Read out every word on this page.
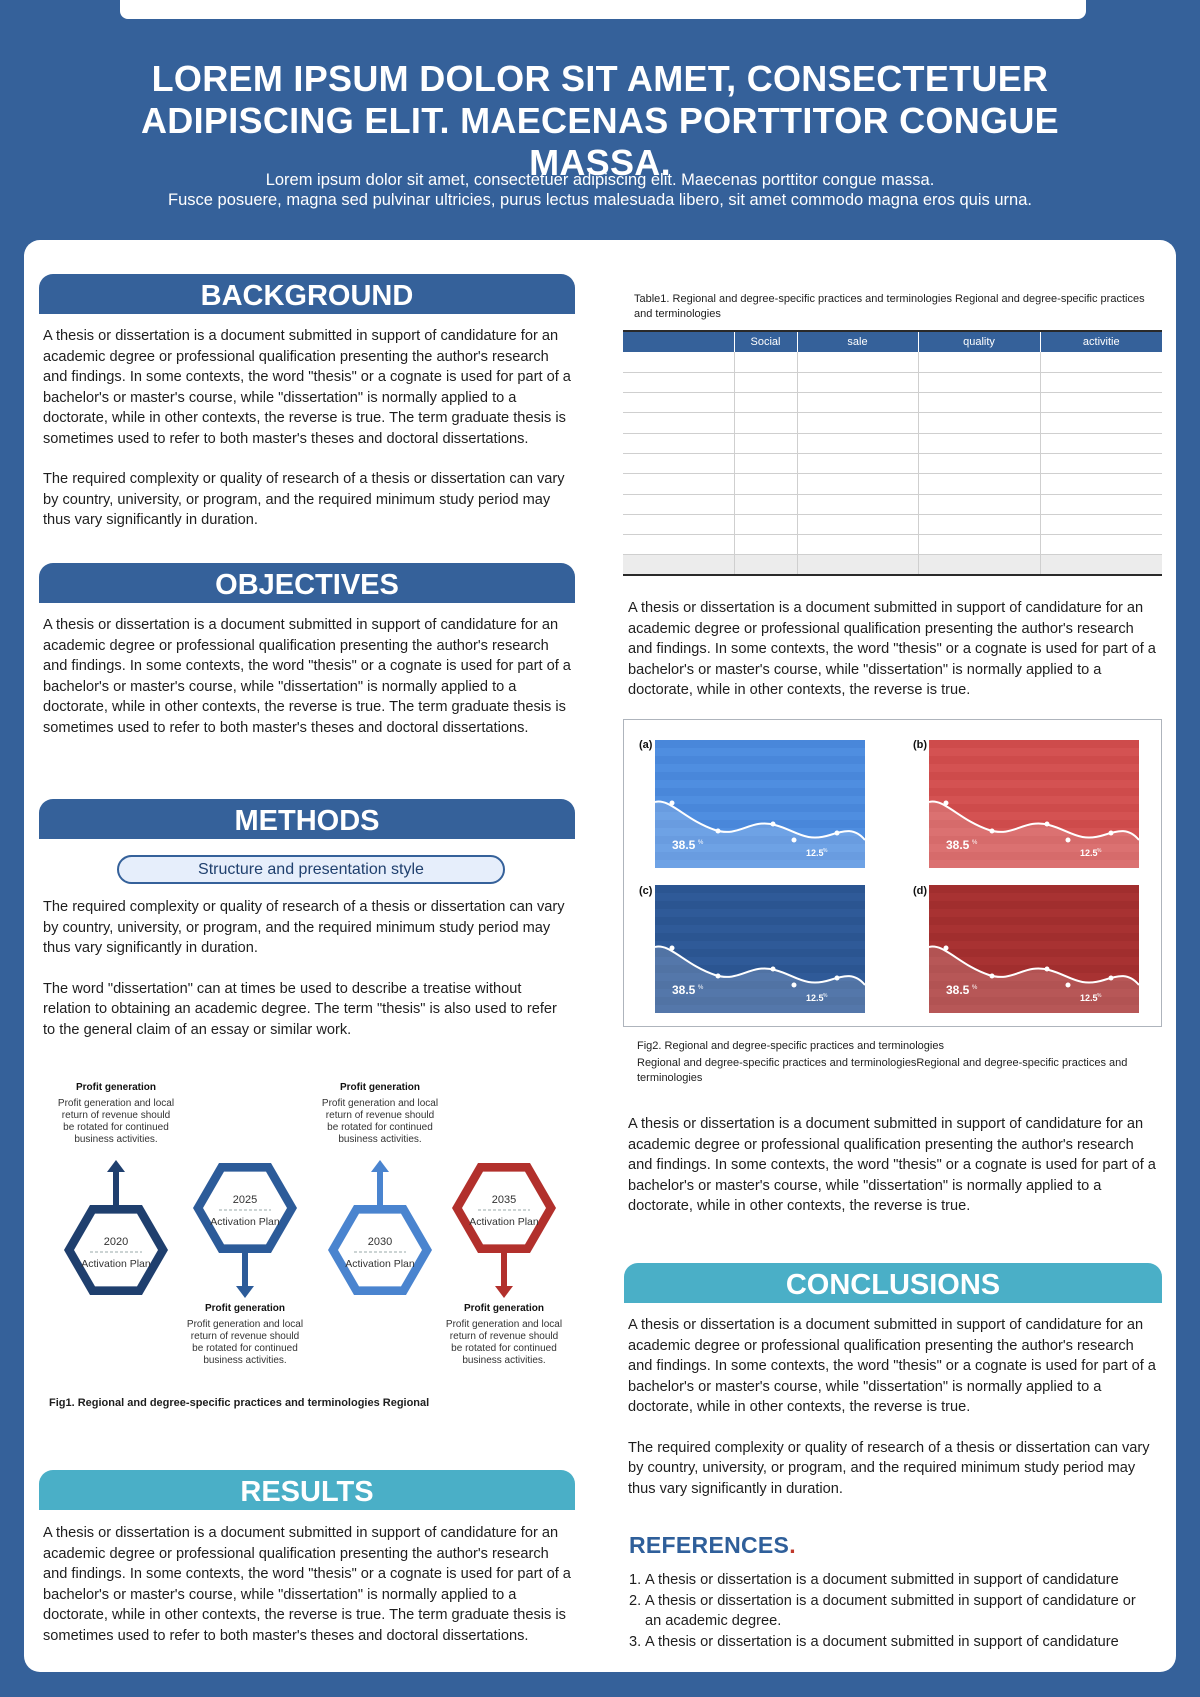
LOREM IPSUM DOLOR SIT AMET, CONSECTETUER ADIPISCING ELIT. MAECENAS PORTTITOR CONGUE MASSA.
Lorem ipsum dolor sit amet, consectetuer adipiscing elit. Maecenas porttitor congue massa.
Fusce posuere, magna sed pulvinar ultricies, purus lectus malesuada libero, sit amet commodo magna eros quis urna.
BACKGROUND

A thesis or dissertation is a document submitted in support of candidature for an academic degree or professional qualification presenting the author's research and findings. In some contexts, the word "thesis" or a cognate is used for part of a bachelor's or master's course, while "dissertation" is normally applied to a doctorate, while in other contexts, the reverse is true. The term graduate thesis is sometimes used to refer to both master's theses and doctoral dissertations.

The required complexity or quality of research of a thesis or dissertation can vary by country, university, or program, and the required minimum study period may thus vary significantly in duration.

OBJECTIVES
A thesis or dissertation is a document submitted in support of candidature for an academic degree or professional qualification presenting the author's research and findings. In some contexts, the word "thesis" or a cognate is used for part of a bachelor's or master's course, while "dissertation" is normally applied to a doctorate, while in other contexts, the reverse is true. The term graduate thesis is sometimes used to refer to both master's theses and doctoral dissertations.
METHODS
Structure and presentation style

The required complexity or quality of research of a thesis or dissertation can vary by country, university, or program, and the required minimum study period may thus vary significantly in duration.

The word "dissertation" can at times be used to describe a treatise without relation to obtaining an academic degree. The term "thesis" is also used to refer to the general claim of an essay or similar work.

2020
Activation Plan
2025
Activation Plan
2030
Activation Plan
2035
Activation Plan
Profit generation
Profit generation and local return of revenue should be rotated for continued business activities.
Profit generation
Profit generation and local return of revenue should be rotated for continued business activities.
Profit generation
Profit generation and local return of revenue should be rotated for continued business activities.
Profit generation
Profit generation and local return of revenue should be rotated for continued business activities.
Fig1. Regional and degree-specific practices and terminologies Regional
RESULTS
A thesis or dissertation is a document submitted in support of candidature for an academic degree or professional qualification presenting the author's research and findings. In some contexts, the word "thesis" or a cognate is used for part of a bachelor's or master's course, while "dissertation" is normally applied to a doctorate, while in other contexts, the reverse is true. The term graduate thesis is sometimes used to refer to both master's theses and doctoral dissertations.
Table1. Regional and degree-specific practices and terminologies Regional and degree-specific practices and terminologies
	Social	sale	quality	activitie

A thesis or dissertation is a document submitted in support of candidature for an academic degree or professional qualification presenting the author's research and findings. In some contexts, the word "thesis" or a cognate is used for part of a bachelor's or master's course, while "dissertation" is normally applied to a doctorate, while in other contexts, the reverse is true.
(a)
38.5 %
12.5 %
(b)
38.5 %
12.5 %
(c)
38.5 %
12.5 %
(d)
38.5 %
12.5 %
Fig2. Regional and degree-specific practices and terminologies
Regional and degree-specific practices and terminologiesRegional and degree-specific practices and terminologies
A thesis or dissertation is a document submitted in support of candidature for an academic degree or professional qualification presenting the author's research and findings. In some contexts, the word "thesis" or a cognate is used for part of a bachelor's or master's course, while "dissertation" is normally applied to a doctorate, while in other contexts, the reverse is true.
CONCLUSIONS

A thesis or dissertation is a document submitted in support of candidature for an academic degree or professional qualification presenting the author's research and findings. In some contexts, the word "thesis" or a cognate is used for part of a bachelor's or master's course, while "dissertation" is normally applied to a doctorate, while in other contexts, the reverse is true.

The required complexity or quality of research of a thesis or dissertation can vary by country, university, or program, and the required minimum study period may thus vary significantly in duration.

REFERENCES.
1. A thesis or dissertation is a document submitted in support of candidature
2. A thesis or dissertation is a document submitted in support of candidature or an academic degree.
3. A thesis or dissertation is a document submitted in support of candidature
